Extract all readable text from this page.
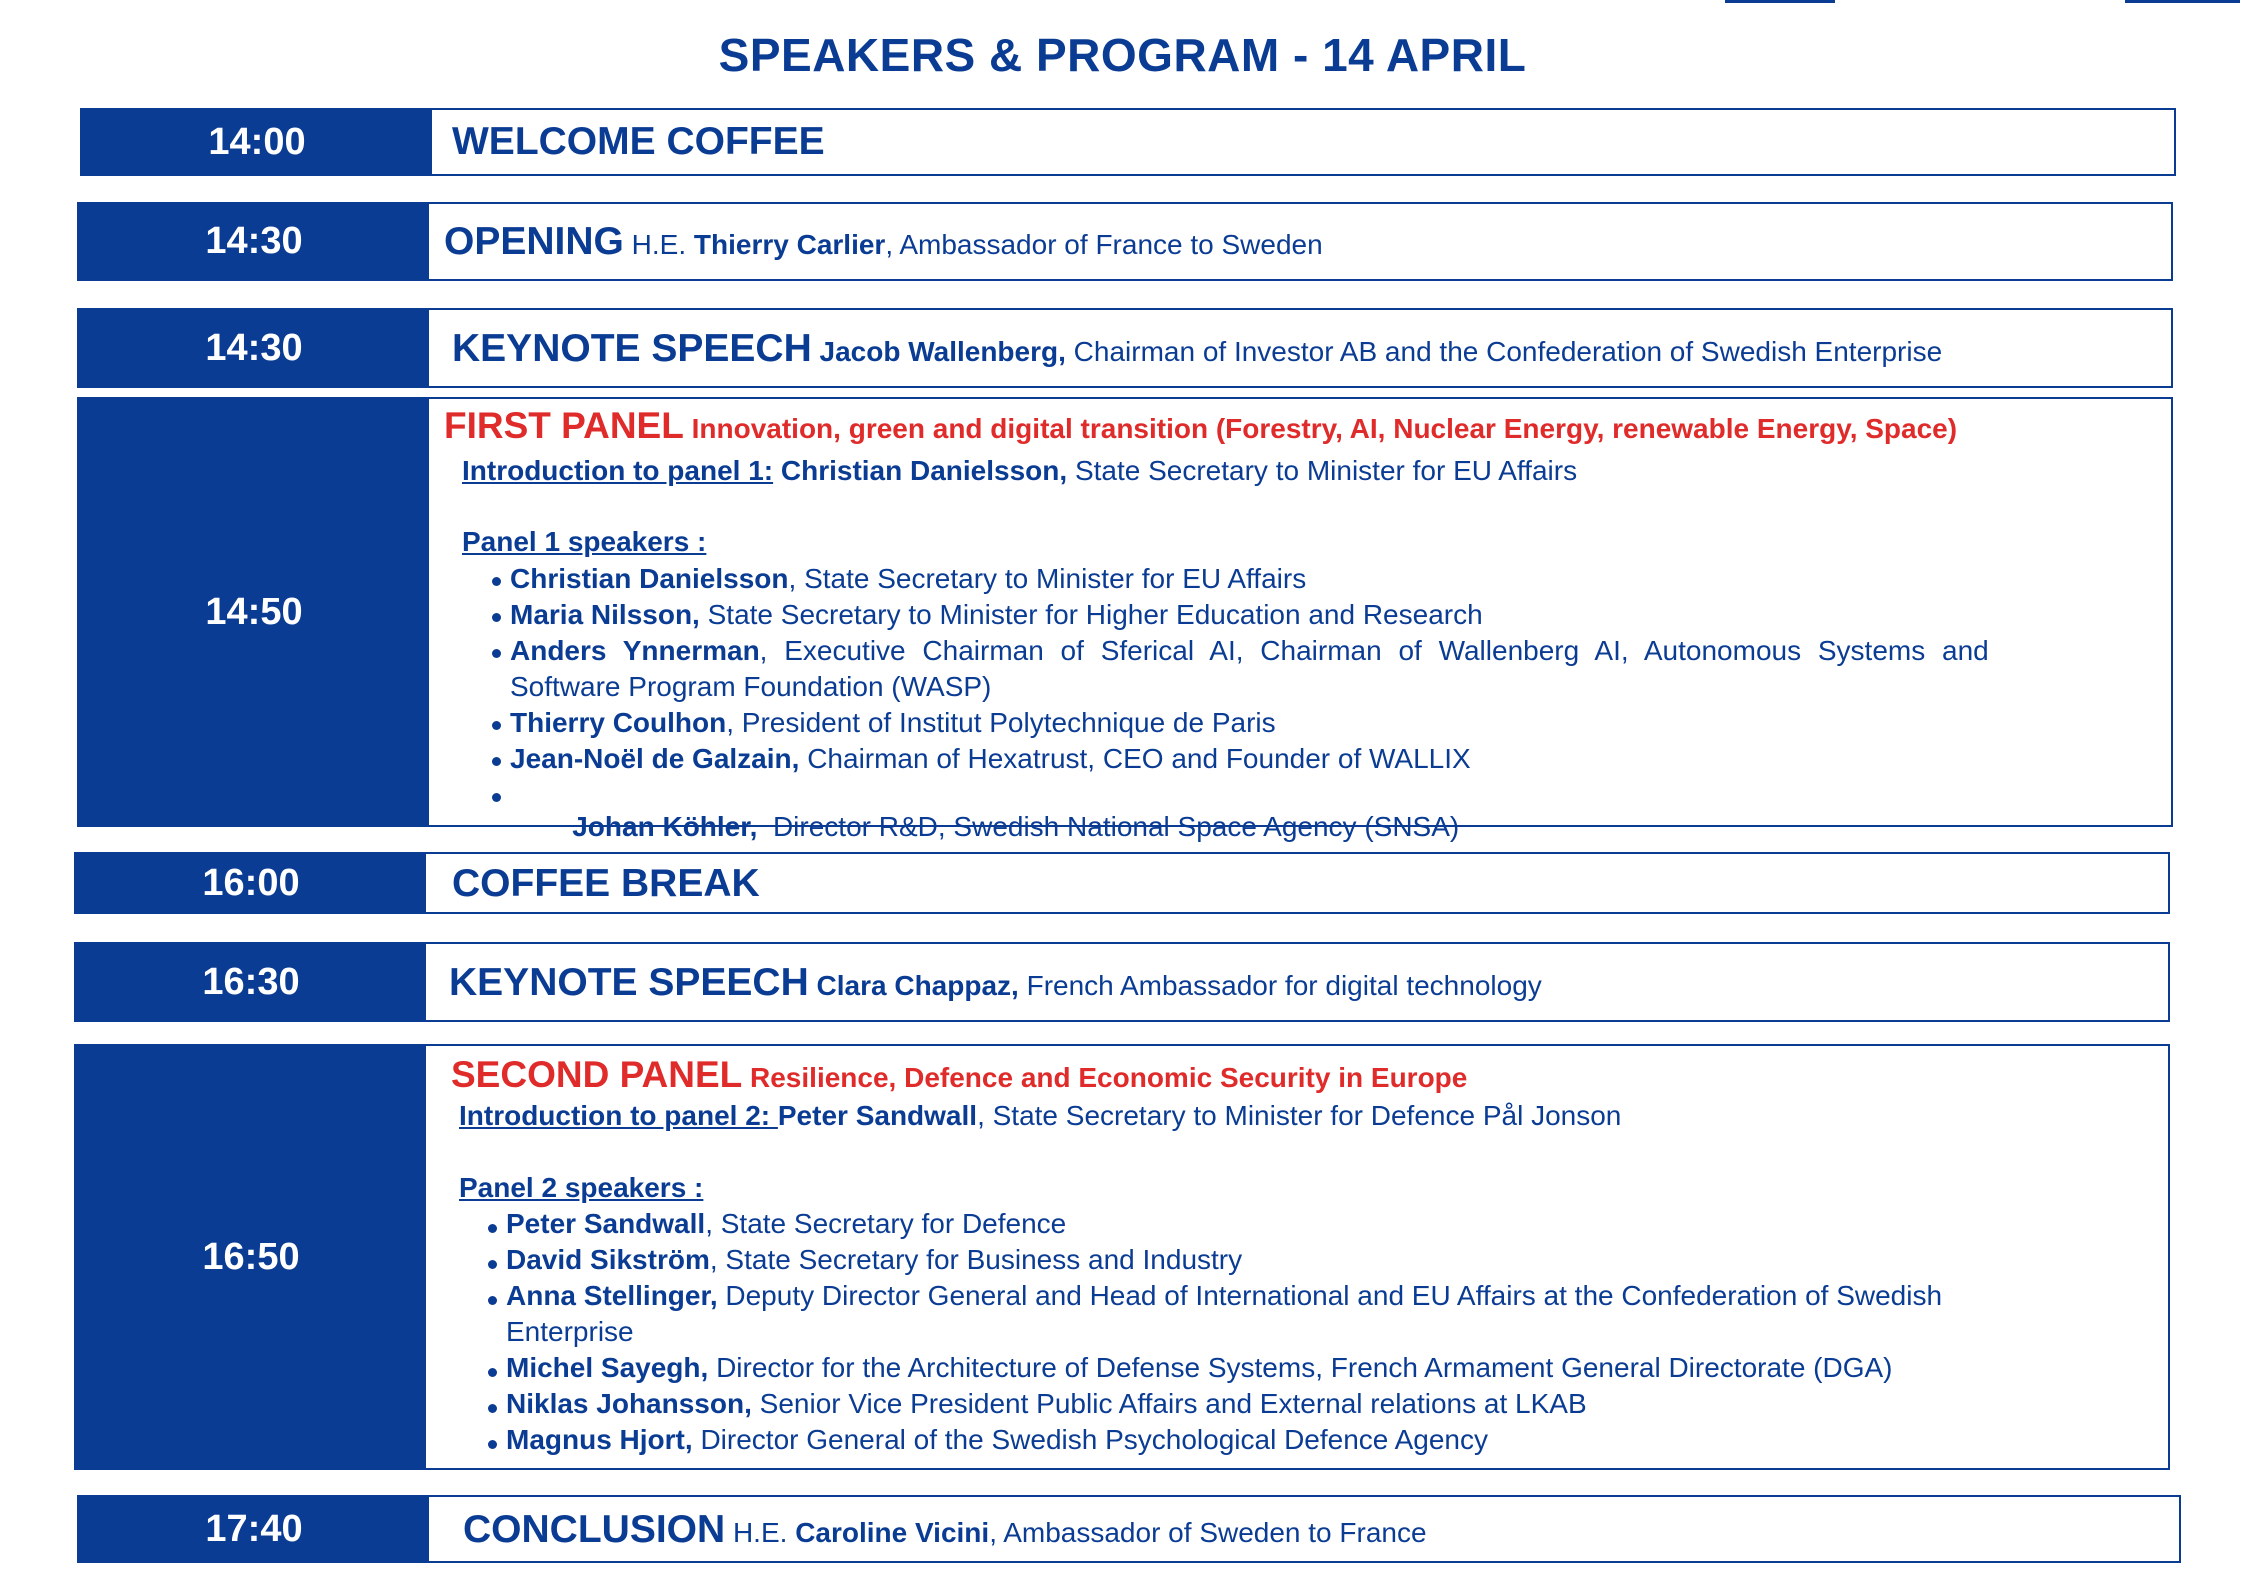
SPEAKERS & PROGRAM - 14 APRIL
14:00	WELCOME COFFEE
14:30	OPENING H.E. Thierry Carlier, Ambassador of France to Sweden
14:30	KEYNOTE SPEECH Jacob Wallenberg, Chairman of Investor AB and the Confederation of Swedish Enterprise
14:50
FIRST PANEL Innovation, green and digital transition (Forestry, AI, Nuclear Energy, renewable Energy, Space)
Introduction to panel 1: Christian Danielsson, State Secretary to Minister for EU Affairs
Panel 1 speakers :
Christian Danielsson, State Secretary to Minister for EU Affairs
Maria Nilsson, State Secretary to Minister for Higher Education and Research
Anders Ynnerman, Executive Chairman of Sferical AI, Chairman of Wallenberg AI, Autonomous Systems and
Software Program Foundation (WASP)
Thierry Coulhon, President of Institut Polytechnique de Paris
Jean-Noël de Galzain, Chairman of Hexatrust, CEO and Founder of WALLIX

Johan Köhler,  Director R&D, Swedish National Space Agency (SNSA)

16:00	COFFEE BREAK
16:30	KEYNOTE SPEECH Clara Chappaz, French Ambassador for digital technology
16:50
SECOND PANEL Resilience, Defence and Economic Security in Europe
Introduction to panel 2: Peter Sandwall, State Secretary to Minister for Defence Pål Jonson
Panel 2 speakers :
Peter Sandwall, State Secretary for Defence
David Sikström, State Secretary for Business and Industry
Anna Stellinger, Deputy Director General and Head of International and EU Affairs at the Confederation of Swedish
Enterprise
Michel Sayegh, Director for the Architecture of Defense Systems, French Armament General Directorate (DGA)
Niklas Johansson, Senior Vice President Public Affairs and External relations at LKAB
Magnus Hjort, Director General of the Swedish Psychological Defence Agency
17:40	CONCLUSION H.E. Caroline Vicini, Ambassador of Sweden to France
